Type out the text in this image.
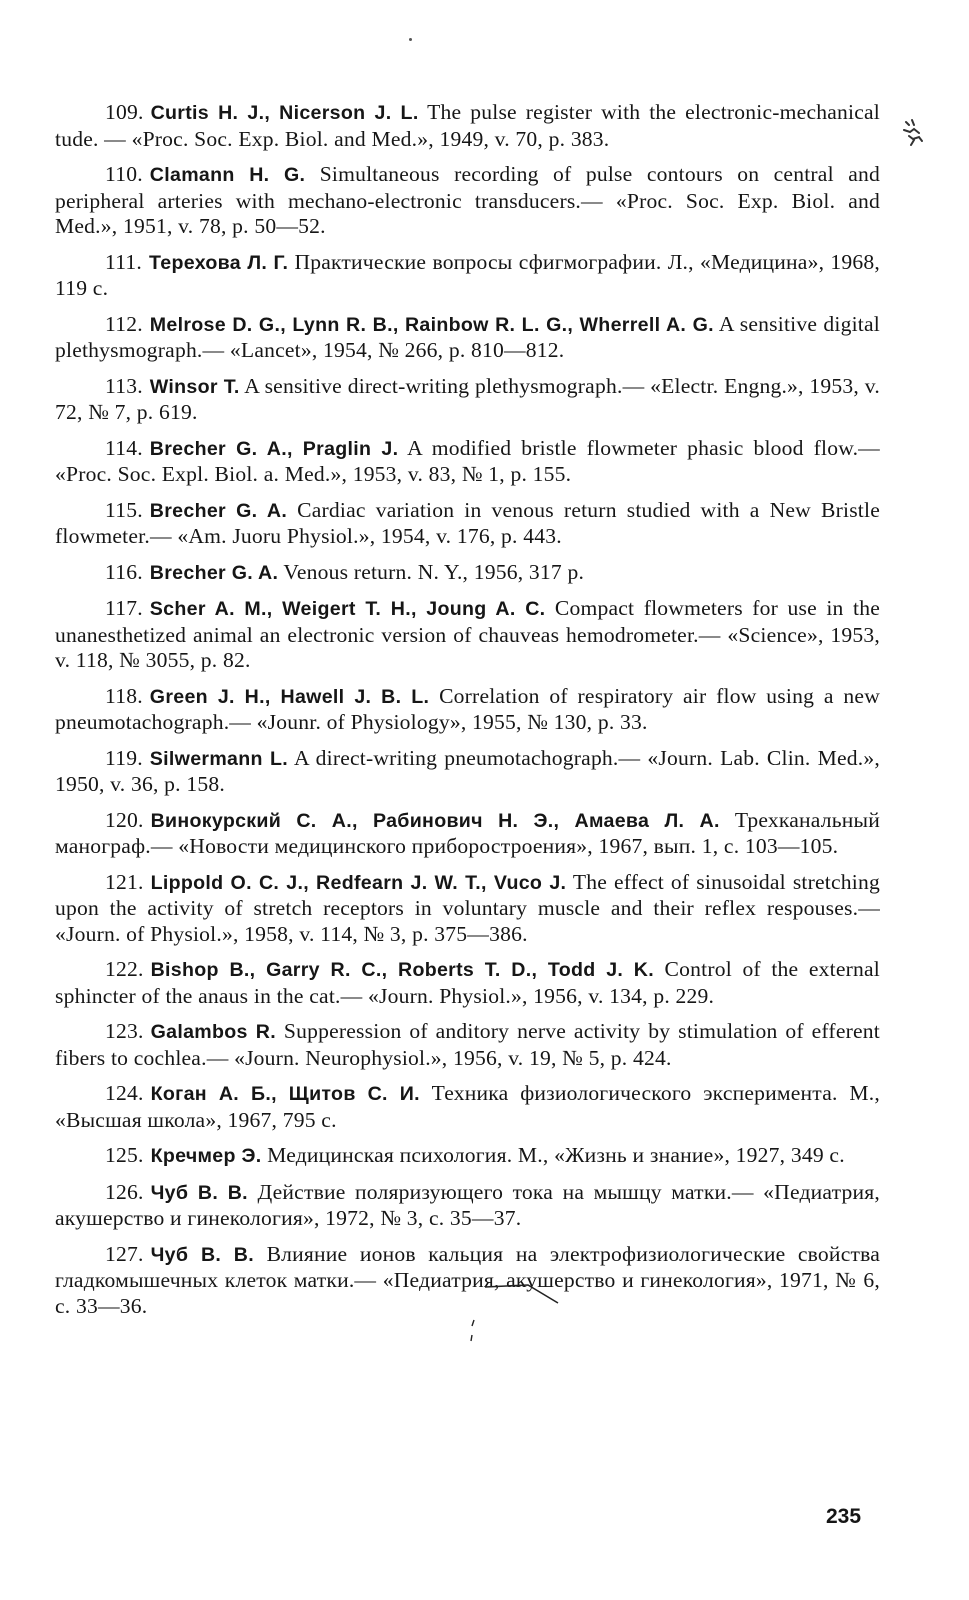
109. Curtis H. J., Nicerson J. L. The pulse register with the electronic-mechanical tude. — «Proc. Soc. Exp. Biol. and Med.», 1949, v. 70, p. 383.

110. Clamann H. G. Simultaneous recording of pulse contours on central and peripheral arteries with mechano-electronic transducers.— «Proc. Soc. Exp. Biol. and Med.», 1951, v. 78, p. 50—52.

111. Терехова Л. Г. Практические вопросы сфигмографии. Л., «Медицина», 1968, 119 с.

112. Melrose D. G., Lynn R. B., Rainbow R. L. G., Wherrell A. G. A sensitive digital plethysmograph.— «Lancet», 1954, № 266, p. 810—812.

113. Winsor T. A sensitive direct-writing plethysmograph.— «Electr. Engng.», 1953, v. 72, № 7, p. 619.

114. Brecher G. A., Praglin J. A modified bristle flowmeter phasic blood flow.— «Proc. Soc. Expl. Biol. a. Med.», 1953, v. 83, № 1, p. 155.

115. Brecher G. A. Cardiac variation in venous return studied with a New Bristle flowmeter.— «Am. Juoru Physiol.», 1954, v. 176, p. 443.

116. Brecher G. A. Venous return. N. Y., 1956, 317 p.

117. Scher A. M., Weigert T. H., Joung A. C. Compact flowmeters for use in the unanesthetized animal an electronic version of chauveas hemodrometer.— «Science», 1953, v. 118, № 3055, p. 82.

118. Green J. H., Hawell J. B. L. Correlation of respiratory air flow using a new pneumotachograph.— «Jounr. of Physiology», 1955, № 130, p. 33.

119. Silwermann L. A direct-writing pneumotachograph.— «Journ. Lab. Clin. Med.», 1950, v. 36, p. 158.

120. Винокурский С. А., Рабинович Н. Э., Амаева Л. А. Трехканальный манограф.— «Новости медицинского приборостроения», 1967, вып. 1, с. 103—105.

121. Lippold O. C. J., Redfearn J. W. T., Vuco J. The effect of sinusoidal stretching upon the activity of stretch receptors in voluntary muscle and their reflex respouses.— «Journ. of Physiol.», 1958, v. 114, № 3, p. 375—386.

122. Bishop B., Garry R. C., Roberts T. D., Todd J. K. Control of the external sphincter of the anaus in the cat.— «Journ. Physiol.», 1956, v. 134, p. 229.

123. Galambos R. Supperession of anditory nerve activity by stimulation of efferent fibers to cochlea.— «Journ. Neurophysiol.», 1956, v. 19, № 5, p. 424.

124. Коган А. Б., Щитов С. И. Техника физиологического эксперимента. М., «Высшая школа», 1967, 795 с.

125. Кречмер Э. Медицинская психология. М., «Жизнь и знание», 1927, 349 с.

126. Чуб В. В. Действие поляризующего тока на мышцу матки.— «Педиатрия, акушерство и гинекология», 1972, № 3, с. 35—37.

127. Чуб В. В. Влияние ионов кальция на электрофизиологические свойства гладкомышечных клеток матки.— «Педиатрия, акушерство и гинекология», 1971, № 6, с. 33—36.

235
